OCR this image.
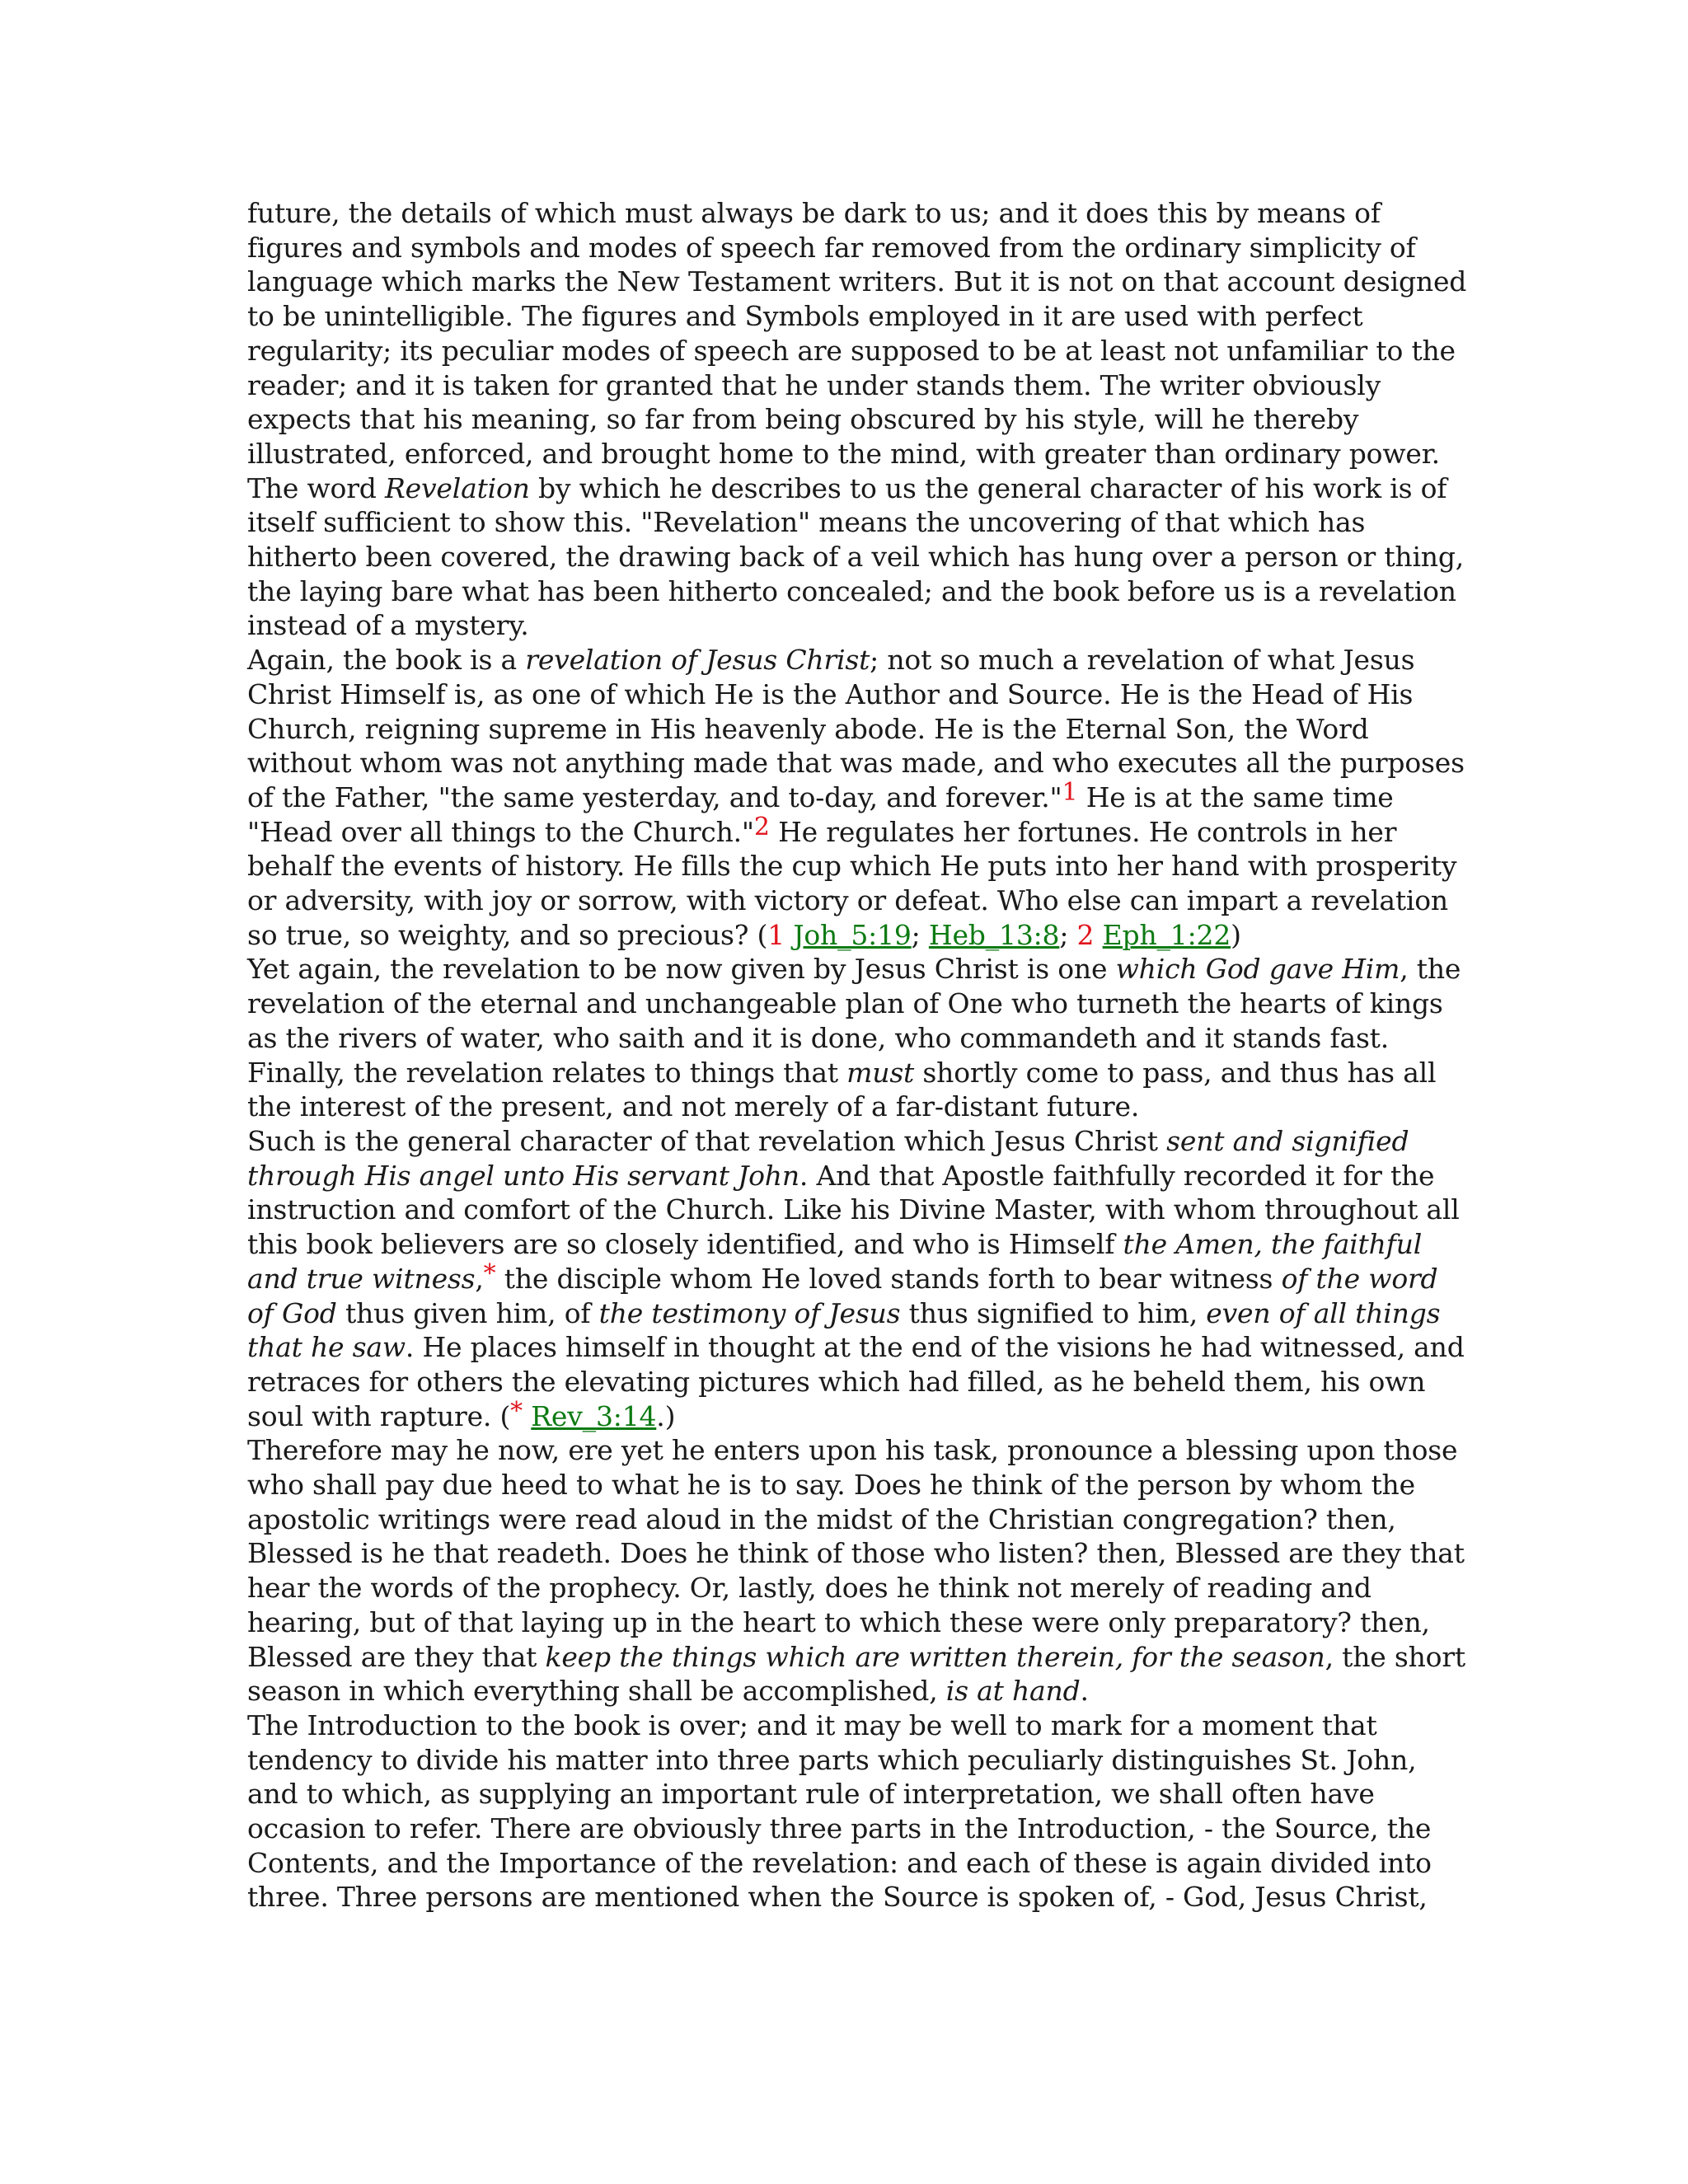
future, the details of which must always be dark to us; and it does this by means of figures and symbols and modes of speech far removed from the ordinary simplicity of language which marks the New Testament writers. But it is not on that account designed to be unintelligible. The figures and Symbols employed in it are used with perfect regularity; its peculiar modes of speech are supposed to be at least not unfamiliar to the reader; and it is taken for granted that he under stands them. The writer obviously expects that his meaning, so far from being obscured by his style, will he thereby illustrated, enforced, and brought home to the mind, with greater than ordinary power. The word Revelation by which he describes to us the general character of his work is of itself sufficient to show this. "Revelation" means the uncovering of that which has hitherto been covered, the drawing back of a veil which has hung over a person or thing, the laying bare what has been hitherto concealed; and the book before us is a revelation instead of a mystery.

Again, the book is a revelation of Jesus Christ; not so much a revelation of what Jesus Christ Himself is, as one of which He is the Author and Source. He is the Head of His Church, reigning supreme in His heavenly abode. He is the Eternal Son, the Word without whom was not anything made that was made, and who executes all the purposes of the Father, "the same yesterday, and to-day, and forever."1 He is at the same time "Head over all things to the Church."2 He regulates her fortunes. He controls in her behalf the events of history. He fills the cup which He puts into her hand with prosperity or adversity, with joy or sorrow, with victory or defeat. Who else can impart a revelation so true, so weighty, and so precious? (1 Joh_5:19; Heb_13:8; 2 Eph_1:22)

Yet again, the revelation to be now given by Jesus Christ is one which God gave Him, the revelation of the eternal and unchangeable plan of One who turneth the hearts of kings as the rivers of water, who saith and it is done, who commandeth and it stands fast.

Finally, the revelation relates to things that must shortly come to pass, and thus has all the interest of the present, and not merely of a far-distant future.

Such is the general character of that revelation which Jesus Christ sent and signified through His angel unto His servant John. And that Apostle faithfully recorded it for the instruction and comfort of the Church. Like his Divine Master, with whom throughout all this book believers are so closely identified, and who is Himself the Amen, the faithful and true witness,* the disciple whom He loved stands forth to bear witness of the word of God thus given him, of the testimony of Jesus thus signified to him, even of all things that he saw. He places himself in thought at the end of the visions he had witnessed, and retraces for others the elevating pictures which had filled, as he beheld them, his own soul with rapture. (* Rev_3:14.)

Therefore may he now, ere yet he enters upon his task, pronounce a blessing upon those who shall pay due heed to what he is to say. Does he think of the person by whom the apostolic writings were read aloud in the midst of the Christian congregation? then, Blessed is he that readeth. Does he think of those who listen? then, Blessed are they that hear the words of the prophecy. Or, lastly, does he think not merely of reading and hearing, but of that laying up in the heart to which these were only preparatory? then, Blessed are they that keep the things which are written therein, for the season, the short season in which everything shall be accomplished, is at hand.

The Introduction to the book is over; and it may be well to mark for a moment that tendency to divide his matter into three parts which peculiarly distinguishes St. John, and to which, as supplying an important rule of interpretation, we shall often have occasion to refer. There are obviously three parts in the Introduction, - the Source, the Contents, and the Importance of the revelation: and each of these is again divided into three. Three persons are mentioned when the Source is spoken of, - God, Jesus Christ,
